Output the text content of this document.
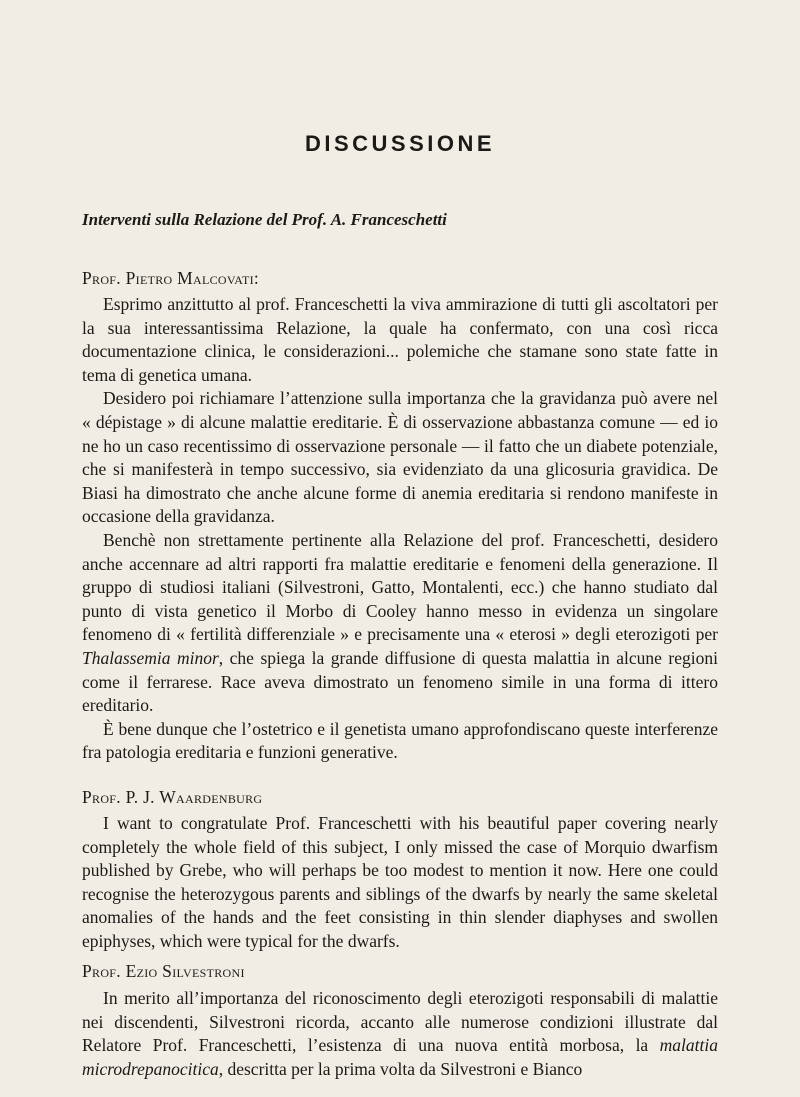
DISCUSSIONE
Interventi sulla Relazione del Prof. A. Franceschetti
Prof. Pietro Malcovati:

Esprimo anzittutto al prof. Franceschetti la viva ammirazione di tutti gli ascoltatori per la sua interessantissima Relazione, la quale ha confermato, con una così ricca documentazione clinica, le considerazioni... polemiche che stamane sono state fatte in tema di genetica umana.

Desidero poi richiamare l’attenzione sulla importanza che la gravidanza può avere nel « dépistage » di alcune malattie ereditarie. È di osservazione abbastanza comune — ed io ne ho un caso recentissimo di osservazione personale — il fatto che un diabete potenziale, che si manifesterà in tempo successivo, sia evidenziato da una glicosuria gravidica. De Biasi ha dimostrato che anche alcune forme di anemia ereditaria si rendono manifeste in occasione della gravidanza.

Benchè non strettamente pertinente alla Relazione del prof. Franceschetti, desidero anche accennare ad altri rapporti fra malattie ereditarie e fenomeni della generazione. Il gruppo di studiosi italiani (Silvestroni, Gatto, Montalenti, ecc.) che hanno studiato dal punto di vista genetico il Morbo di Cooley hanno messo in evidenza un singolare fenomeno di « fertilità differenziale » e precisamente una « eterosi » degli eterozigoti per Thalassemia minor, che spiega la grande diffusione di questa malattia in alcune regioni come il ferrarese. Race aveva dimostrato un fenomeno simile in una forma di ittero ereditario.

È bene dunque che l’ostetrico e il genetista umano approfondiscano queste interferenze fra patologia ereditaria e funzioni generative.

Prof. P. J. Waardenburg

I want to congratulate Prof. Franceschetti with his beautiful paper covering nearly completely the whole field of this subject, I only missed the case of Morquio dwarfism published by Grebe, who will perhaps be too modest to mention it now. Here one could recognise the heterozygous parents and siblings of the dwarfs by nearly the same skeletal anomalies of the hands and the feet consisting in thin slender diaphyses and swollen epiphyses, which were typical for the dwarfs.

Prof. Ezio Silvestroni

In merito all’importanza del riconoscimento degli eterozigoti responsabili di malattie nei discendenti, Silvestroni ricorda, accanto alle numerose condizioni illustrate dal Relatore Prof. Franceschetti, l’esistenza di una nuova entità morbosa, la malattia microdrepanocitica, descritta per la prima volta da Silvestroni e Bianco
